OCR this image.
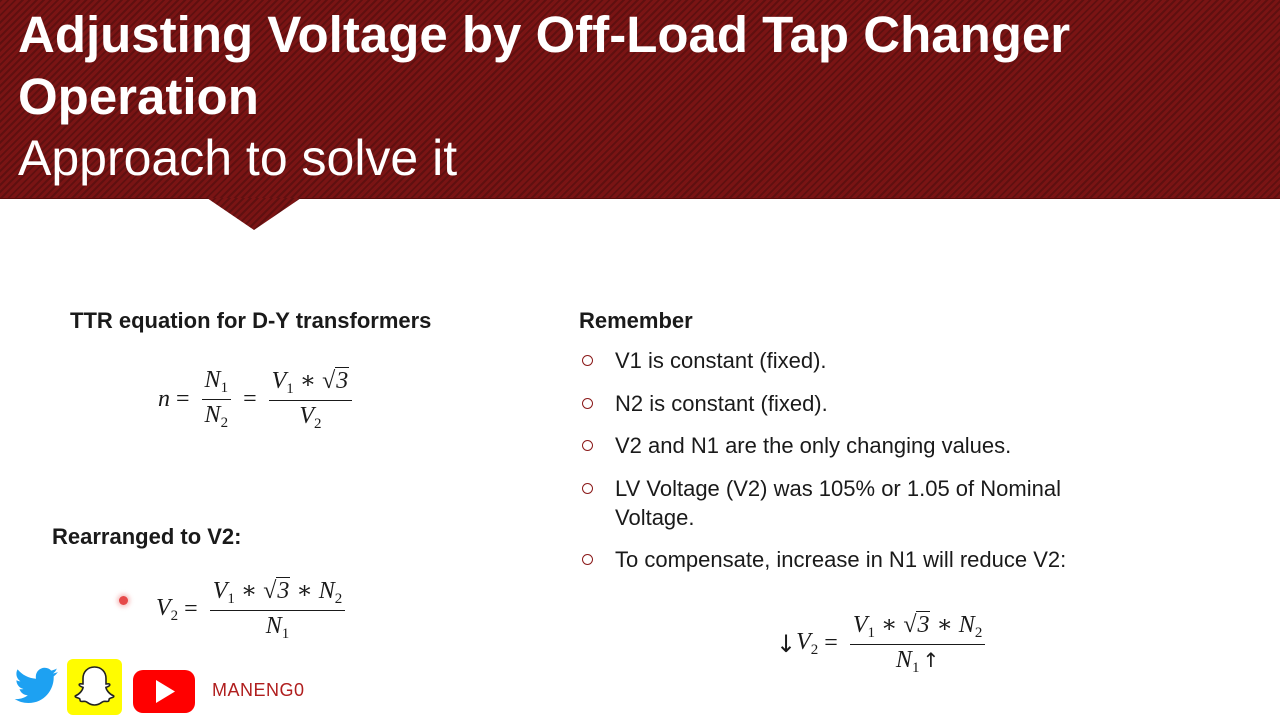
Adjusting Voltage by Off-Load Tap Changer
Operation
Approach to solve it
TTR equation for D-Y transformers
$n = \frac{N_1}{N_2} = \frac{V_1 ∗ √3}{V_2}$
Rearranged to V2:
$V_2 = \frac{V_1 ∗ √3 ∗ N_2}{N_1}$
Remember
V1 is constant (fixed).
N2 is constant (fixed).
V2 and N1 are the only changing values.
LV Voltage (V2) was 105% or 1.05 of Nominal Voltage.
To compensate, increase in N1 will reduce V2:
↓ $V_2 = \frac{V_1 ∗ √3 ∗ N_2}{N_1 ↑}$
MANENG0
